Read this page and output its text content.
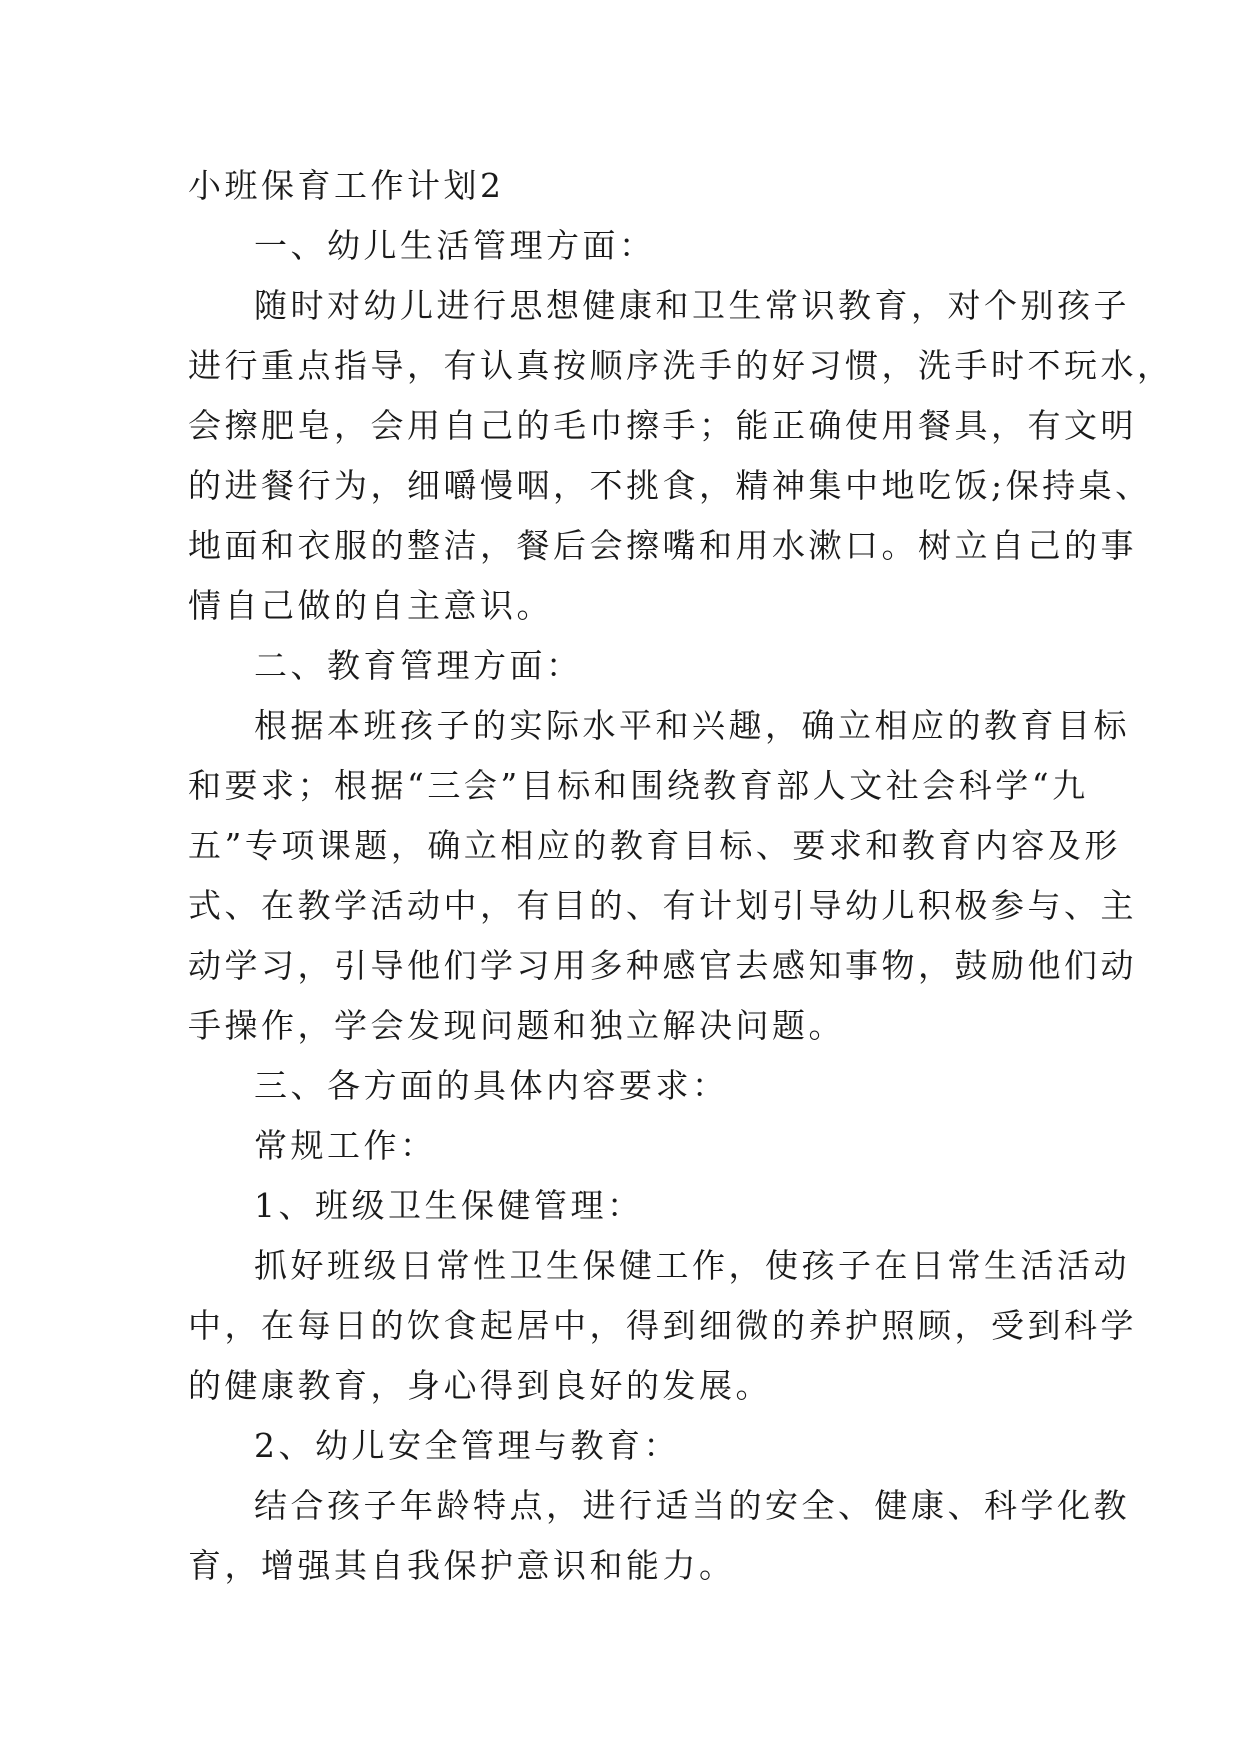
小班保育工作计划2
一、幼儿生活管理方面：
随时对幼儿进行思想健康和卫生常识教育，对个别孩子
进行重点指导，有认真按顺序洗手的好习惯，洗手时不玩水，
会擦肥皂，会用自己的毛巾擦手；能正确使用餐具，有文明
的进餐行为，细嚼慢咽，不挑食，精神集中地吃饭;保持桌、
地面和衣服的整洁，餐后会擦嘴和用水漱口。树立自己的事
情自己做的自主意识。
二、教育管理方面：
根据本班孩子的实际水平和兴趣，确立相应的教育目标
和要求；根据“三会”目标和围绕教育部人文社会科学“九
五”专项课题，确立相应的教育目标、要求和教育内容及形
式、在教学活动中，有目的、有计划引导幼儿积极参与、主
动学习，引导他们学习用多种感官去感知事物，鼓励他们动
手操作，学会发现问题和独立解决问题。
三、各方面的具体内容要求：
常规工作：
1、班级卫生保健管理：
抓好班级日常性卫生保健工作，使孩子在日常生活活动
中，在每日的饮食起居中，得到细微的养护照顾，受到科学
的健康教育，身心得到良好的发展。
2、幼儿安全管理与教育：
结合孩子年龄特点，进行适当的安全、健康、科学化教
育，增强其自我保护意识和能力。
